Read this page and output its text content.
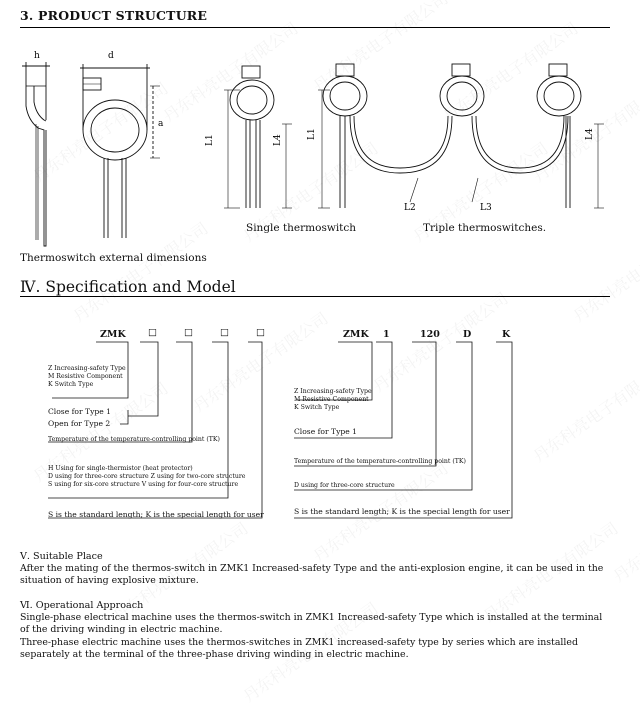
3. PRODUCT STRUCTURE
h	d
a
L1	L4
L1
L2	L3
L4
Single thermoswitch	Triple thermoswitches.
Thermoswitch external dimensions
Ⅳ. Specification and Model
ZMK □	□	□	□	ZMK 1	120 D	K
Z Increasing-safety Type
M Resistive Component
K Switch Type
Close for Type 1
Open for Type 2
Temperature of the temperature-controlling point (TK)
H Using for single-thermistor (heat protector)
D using for three-core structure Z using for two-core structure
S using for six-core structure V using for four-core structure
S is the standard length; K is the special length for user
Z Increasing-safety Type
M Resistive Component
K Switch Type
Close for Type 1
Temperature of the temperature-controlling point (TK)
D using for three-core structure
S is the standard length; K is the special length for user
Ⅴ. Suitable Place
After the mating of the thermos-switch in ZMK1 Increased-safety Type and the anti-explosion engine, it can be used in the
situation of having explosive mixture.
Ⅵ. Operational Approach
Single-phase electrical machine uses the thermos-switch in ZMK1 Increased-safety Type which is installed at the terminal
of the driving winding in electric machine.
Three-phase electric machine uses the thermos-switches in ZMK1 increased-safety type by series which are installed
separately at the terminal of the three-phase driving winding in electric machine.
